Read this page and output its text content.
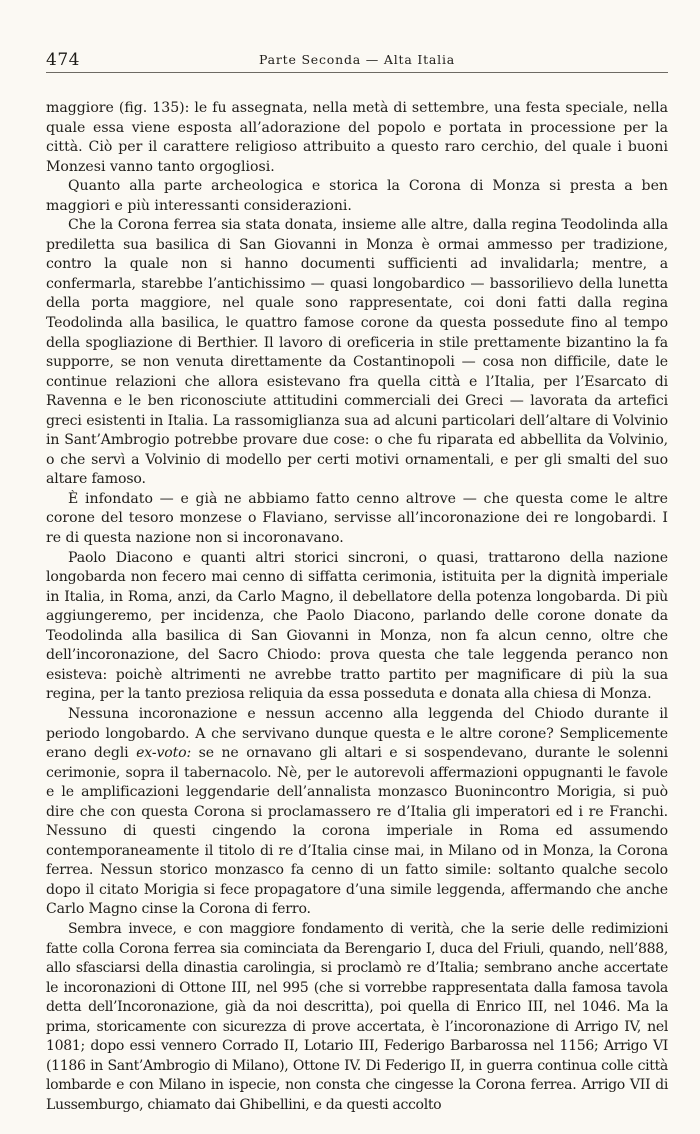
474	Parte Seconda — Alta Italia

maggiore (fig. 135): le fu assegnata, nella metà di settembre, una festa speciale, nella quale essa viene esposta all’adorazione del popolo e portata in processione per la città. Ciò per il carattere religioso attribuito a questo raro cerchio, del quale i buoni Monzesi vanno tanto orgogliosi.

Quanto alla parte archeologica e storica la Corona di Monza si presta a ben maggiori e più interessanti considerazioni.

Che la Corona ferrea sia stata donata, insieme alle altre, dalla regina Teodolinda alla prediletta sua basilica di San Giovanni in Monza è ormai ammesso per tradizione, contro la quale non si hanno documenti sufficienti ad invalidarla; mentre, a confermarla, starebbe l’antichissimo — quasi longobardico — bassorilievo della lunetta della porta maggiore, nel quale sono rappresentate, coi doni fatti dalla regina Teodolinda alla basilica, le quattro famose corone da questa possedute fino al tempo della spogliazione di Berthier. Il lavoro di oreficeria in stile prettamente bizantino la fa supporre, se non venuta direttamente da Costantinopoli — cosa non difficile, date le continue relazioni che allora esistevano fra quella città e l’Italia, per l’Esarcato di Ravenna e le ben riconosciute attitudini commerciali dei Greci — lavorata da artefici greci esistenti in Italia. La rassomiglianza sua ad alcuni particolari dell’altare di Volvinio in Sant’Ambrogio potrebbe provare due cose: o che fu riparata ed abbellita da Volvinio, o che servì a Volvinio di modello per certi motivi ornamentali, e per gli smalti del suo altare famoso.

È infondato — e già ne abbiamo fatto cenno altrove — che questa come le altre corone del tesoro monzese o Flaviano, servisse all’incoronazione dei re longobardi. I re di questa nazione non si incoronavano.

Paolo Diacono e quanti altri storici sincroni, o quasi, trattarono della nazione longobarda non fecero mai cenno di siffatta cerimonia, istituita per la dignità imperiale in Italia, in Roma, anzi, da Carlo Magno, il debellatore della potenza longobarda. Di più aggiungeremo, per incidenza, che Paolo Diacono, parlando delle corone donate da Teodolinda alla basilica di San Giovanni in Monza, non fa alcun cenno, oltre che dell’incoronazione, del Sacro Chiodo: prova questa che tale leggenda peranco non esisteva: poichè altrimenti ne avrebbe tratto partito per magnificare di più la sua regina, per la tanto preziosa reliquia da essa posseduta e donata alla chiesa di Monza.

Nessuna incoronazione e nessun accenno alla leggenda del Chiodo durante il periodo longobardo. A che servivano dunque questa e le altre corone? Semplicemente erano degli ex-voto: se ne ornavano gli altari e si sospendevano, durante le solenni cerimonie, sopra il tabernacolo. Nè, per le autorevoli affermazioni oppugnanti le favole e le amplificazioni leggendarie dell’annalista monzasco Buonincontro Morigia, si può dire che con questa Corona si proclamassero re d’Italia gli imperatori ed i re Franchi. Nessuno di questi cingendo la corona imperiale in Roma ed assumendo contemporaneamente il titolo di re d’Italia cinse mai, in Milano od in Monza, la Corona ferrea. Nessun storico monzasco fa cenno di un fatto simile: soltanto qualche secolo dopo il citato Morigia si fece propagatore d’una simile leggenda, affermando che anche Carlo Magno cinse la Corona di ferro.

Sembra invece, e con maggiore fondamento di verità, che la serie delle redimizioni fatte colla Corona ferrea sia cominciata da Berengario I, duca del Friuli, quando, nell’888, allo sfasciarsi della dinastia carolingia, si proclamò re d’Italia; sembrano anche accertate le incoronazioni di Ottone III, nel 995 (che si vorrebbe rappresentata dalla famosa tavola detta dell’Incoronazione, già da noi descritta), poi quella di Enrico III, nel 1046. Ma la prima, storicamente con sicurezza di prove accertata, è l’incoronazione di Arrigo IV, nel 1081; dopo essi vennero Corrado II, Lotario III, Federigo Barbarossa nel 1156; Arrigo VI (1186 in Sant’Ambrogio di Milano), Ottone IV. Di Federigo II, in guerra continua colle città lombarde e con Milano in ispecie, non consta che cingesse la Corona ferrea. Arrigo VII di Lussemburgo, chiamato dai Ghibellini, e da questi accolto
